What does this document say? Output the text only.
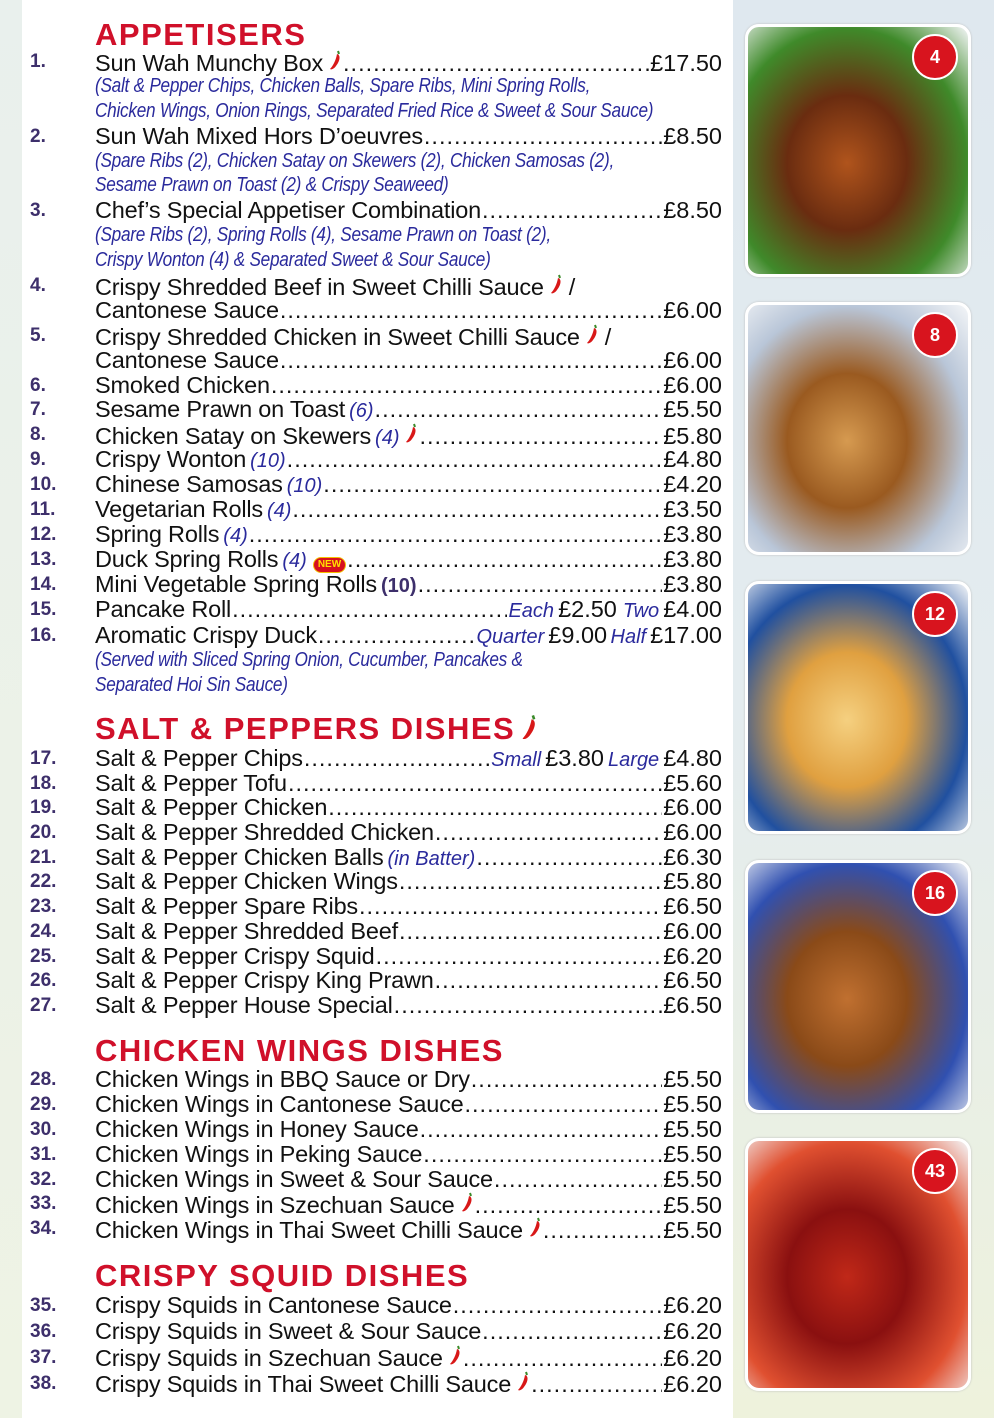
APPETISERS
1. Sun Wah Munchy Box .....	£17.50
(Salt & Pepper Chips, Chicken Balls, Spare Ribs, Mini Spring Rolls,
Chicken Wings, Onion Rings, Separated Fried Rice & Sweet & Sour Sauce)
2. Sun Wah Mixed Hors D’oeuvres .....	£8.50
(Spare Ribs (2), Chicken Satay on Skewers (2), Chicken Samosas (2),
Sesame Prawn on Toast (2) & Crispy Seaweed)
3. Chef’s Special Appetiser Combination .....	£8.50
(Spare Ribs (2), Spring Rolls (4), Sesame Prawn on Toast (2),
Crispy Wonton (4) & Separated Sweet & Sour Sauce)
4. Crispy Shredded Beef in Sweet Chilli Sauce /
Cantonese Sauce .....	£6.00
5. Crispy Shredded Chicken in Sweet Chilli Sauce /
Cantonese Sauce .....	£6.00
6. Smoked Chicken .....	£6.00
7. Sesame Prawn on Toast (6) .....	£5.50
8. Chicken Satay on Skewers (4) .....	£5.80
9. Crispy Wonton (10) .....	£4.80
10. Chinese Samosas (10) .....	£4.20
11. Vegetarian Rolls (4) .....	£3.50
12. Spring Rolls (4) .....	£3.80
13. Duck Spring Rolls (4)	NEW .....	£3.80
14. Mini Vegetable Spring Rolls (10) .....	£3.80
15. Pancake Roll .....	Each £2.50 Two £4.00
16. Aromatic Crispy Duck .....	Quarter £9.00 Half £17.00
(Served with Sliced Spring Onion, Cucumber, Pancakes &
Separated Hoi Sin Sauce)
SALT & PEPPERS DISHES
17. Salt & Pepper Chips .....	Small £3.80 Large £4.80
18. Salt & Pepper Tofu .....	£5.60
19. Salt & Pepper Chicken .....	£6.00
20. Salt & Pepper Shredded Chicken .....	£6.00
21. Salt & Pepper Chicken Balls (in Batter) .....	£6.30
22. Salt & Pepper Chicken Wings .....	£5.80
23. Salt & Pepper Spare Ribs .....	£6.50
24. Salt & Pepper Shredded Beef .....	£6.00
25. Salt & Pepper Crispy Squid .....	£6.20
26. Salt & Pepper Crispy King Prawn .....	£6.50
27. Salt & Pepper House Special .....	£6.50
CHICKEN WINGS DISHES
28. Chicken Wings in BBQ Sauce or Dry .....	£5.50
29. Chicken Wings in Cantonese Sauce .....	£5.50
30. Chicken Wings in Honey Sauce .....	£5.50
31. Chicken Wings in Peking Sauce .....	£5.50
32. Chicken Wings in Sweet & Sour Sauce .....	£5.50
33. Chicken Wings in Szechuan Sauce .....	£5.50
34. Chicken Wings in Thai Sweet Chilli Sauce .....	£5.50
CRISPY SQUID DISHES
35. Crispy Squids in Cantonese Sauce .....	£6.20
36. Crispy Squids in Sweet & Sour Sauce .....	£6.20
37. Crispy Squids in Szechuan Sauce .....	£6.20
38. Crispy Squids in Thai Sweet Chilli Sauce .....	£6.20
4
8
12
16
43
